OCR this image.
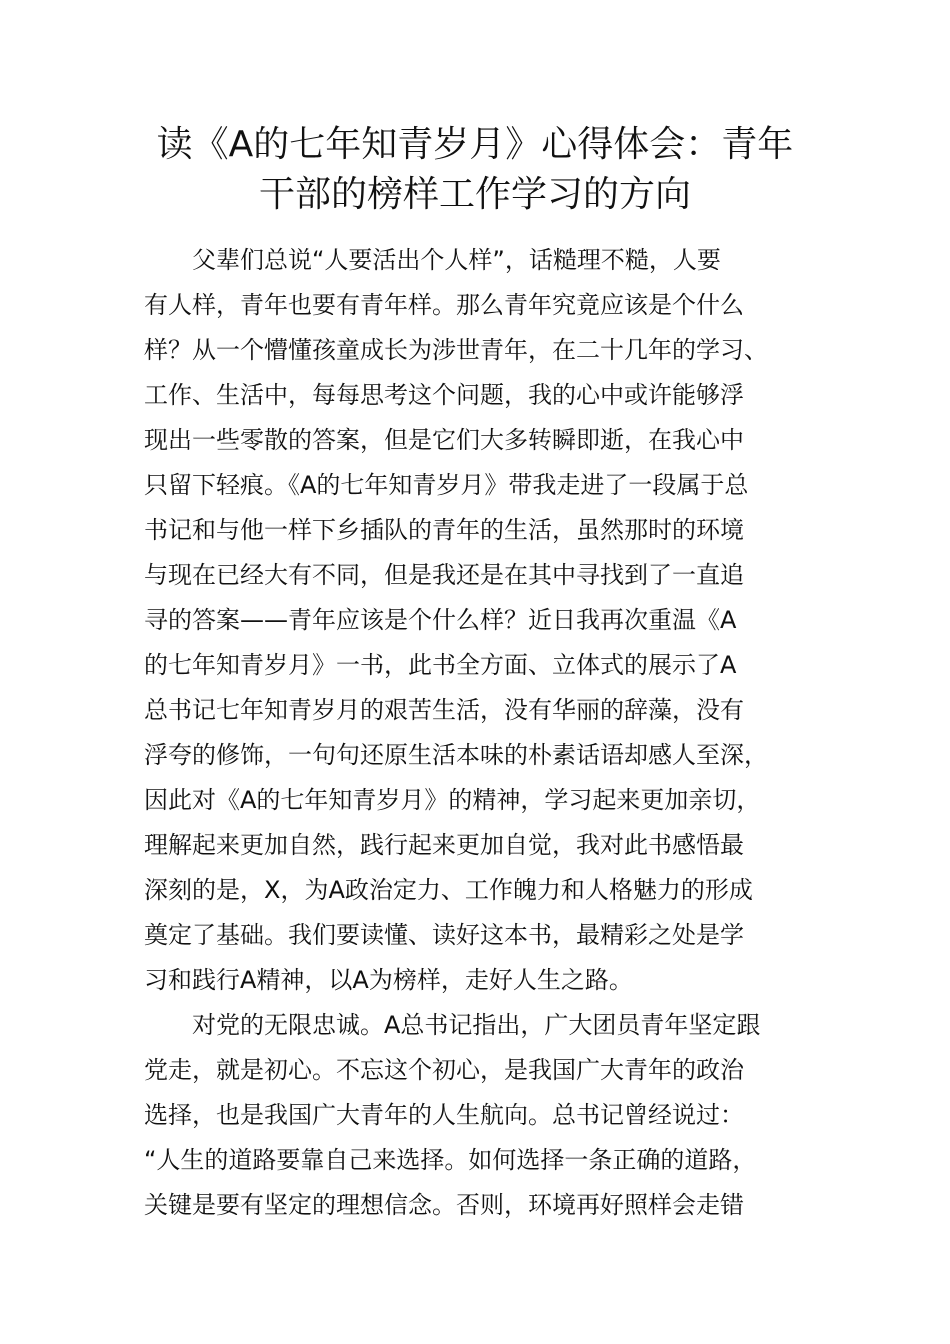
读《A的七年知青岁月》心得体会：青年
干部的榜样工作学习的方向
父辈们总说“人要活出个人样”，话糙理不糙，人要
有人样，青年也要有青年样。那么青年究竟应该是个什么
样？从一个懵懂孩童成长为涉世青年，在二十几年的学习、
工作、生活中，每每思考这个问题，我的心中或许能够浮
现出一些零散的答案，但是它们大多转瞬即逝，在我心中
只留下轻痕。《A的七年知青岁月》带我走进了一段属于总
书记和与他一样下乡插队的青年的生活，虽然那时的环境
与现在已经大有不同，但是我还是在其中寻找到了一直追
寻的答案——青年应该是个什么样？近日我再次重温《A
的七年知青岁月》一书，此书全方面、立体式的展示了A
总书记七年知青岁月的艰苦生活，没有华丽的辞藻，没有
浮夸的修饰，一句句还原生活本味的朴素话语却感人至深，
因此对《A的七年知青岁月》的精神，学习起来更加亲切，
理解起来更加自然，践行起来更加自觉，我对此书感悟最
深刻的是，X，为A政治定力、工作魄力和人格魅力的形成
奠定了基础。我们要读懂、读好这本书，最精彩之处是学
习和践行A精神，以A为榜样，走好人生之路。
对党的无限忠诚。A总书记指出，广大团员青年坚定跟
党走，就是初心。不忘这个初心，是我国广大青年的政治
选择，也是我国广大青年的人生航向。总书记曾经说过：
“人生的道路要靠自己来选择。如何选择一条正确的道路，
关键是要有坚定的理想信念。否则，环境再好照样会走错
